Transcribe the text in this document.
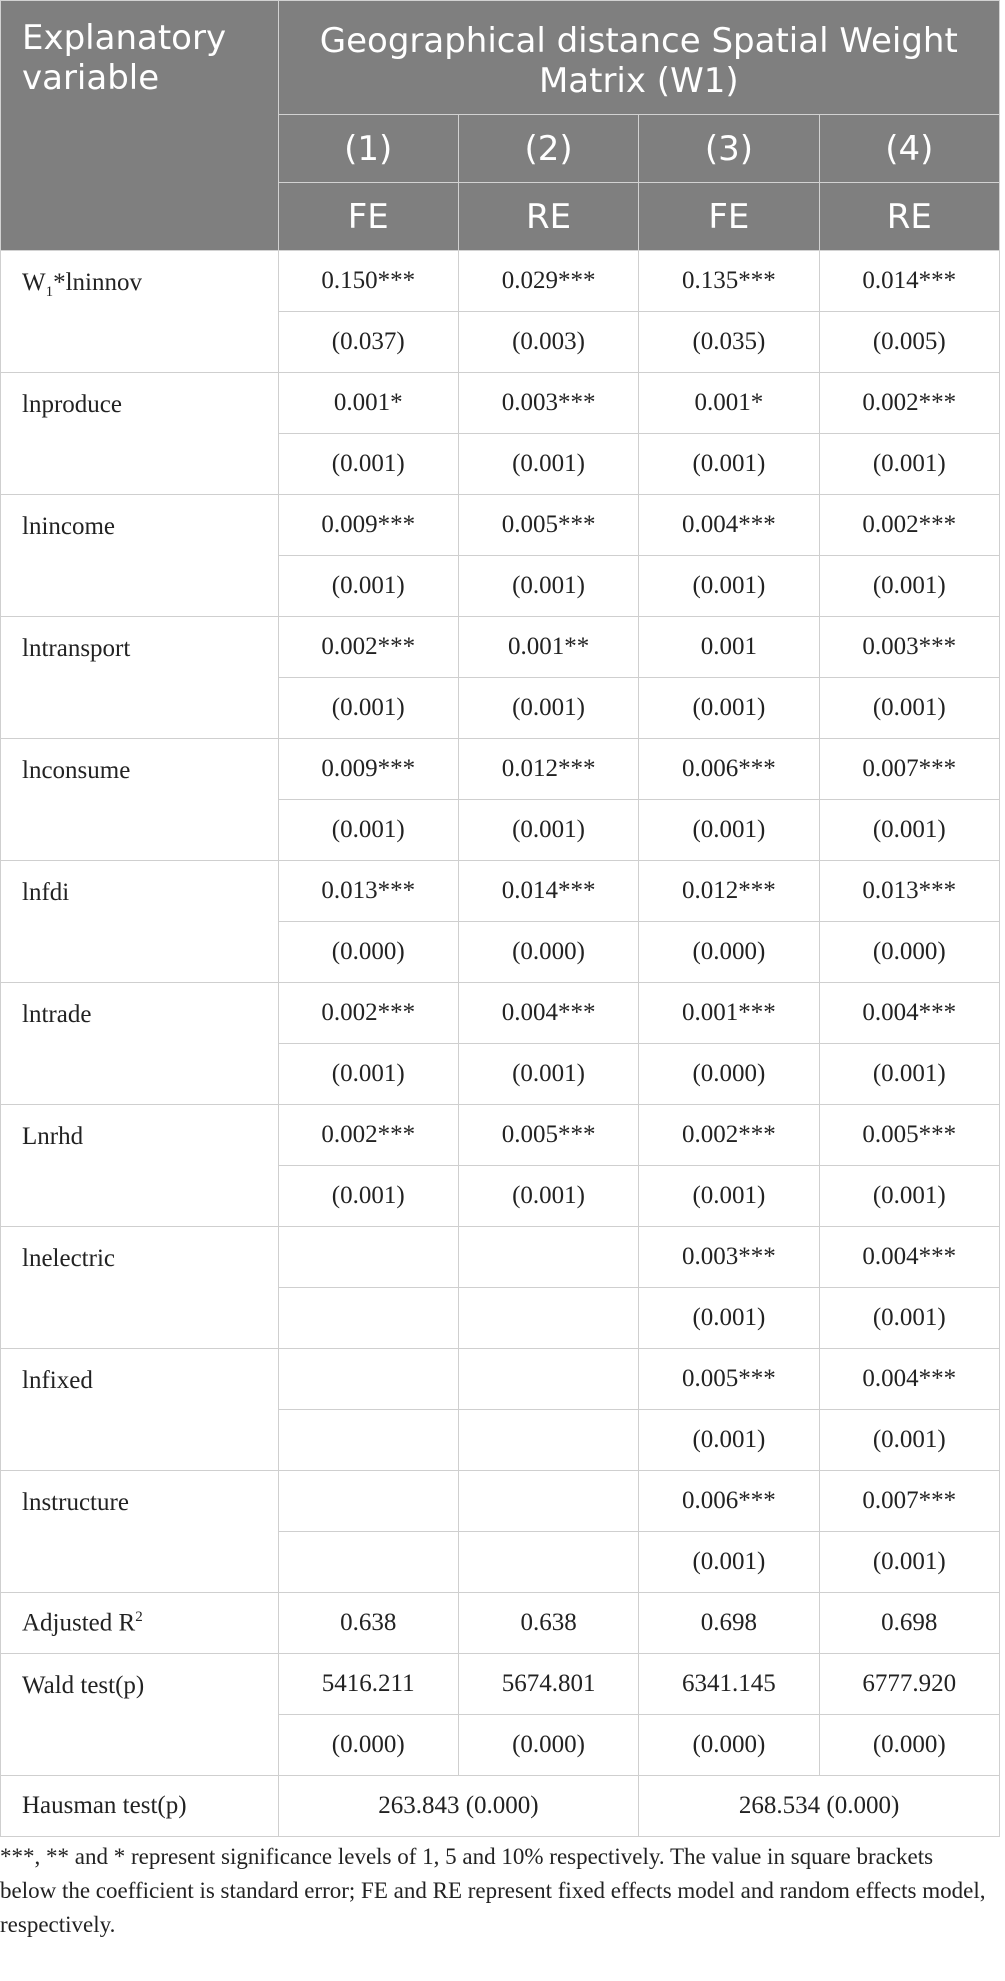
Explanatory variable	Geographical distance Spatial Weight Matrix (W1)			
	(1)	(2)	(3)	(4)
	FE	RE	FE	RE
$W_1*lninnov$	0.150***	0.029***	0.135***	0.014***
	(0.037)	(0.003)	(0.035)	(0.005)
lnproduce	0.001*	0.003***	0.001*	0.002***
	(0.001)	(0.001)	(0.001)	(0.001)
lnincome	0.009***	0.005***	0.004***	0.002***
	(0.001)	(0.001)	(0.001)	(0.001)
lntransport	0.002***	0.001**	0.001	0.003***
	(0.001)	(0.001)	(0.001)	(0.001)
lnconsume	0.009***	0.012***	0.006***	0.007***
	(0.001)	(0.001)	(0.001)	(0.001)
lnfdi	0.013***	0.014***	0.012***	0.013***
	(0.000)	(0.000)	(0.000)	(0.000)
lntrade	0.002***	0.004***	0.001***	0.004***
	(0.001)	(0.001)	(0.000)	(0.001)
Lnrhd	0.002***	0.005***	0.002***	0.005***
	(0.001)	(0.001)	(0.001)	(0.001)
lnelectric			0.003***	0.004***
			(0.001)	(0.001)
lnfixed			0.005***	0.004***
			(0.001)	(0.001)
lnstructure			0.006***	0.007***
			(0.001)	(0.001)
Adjusted $R^2$	0.638	0.638	0.698	0.698
Wald test(p)	5416.211	5674.801	6341.145	6777.920
	(0.000)	(0.000)	(0.000)	(0.000)
Hausman test(p)	263.843 (0.000)		268.534 (0.000)	

***, ** and * represent significance levels of 1, 5 and 10% respectively. The value in square brackets below the coefficient is standard error; FE and RE represent fixed effects model and random effects model, respectively.
